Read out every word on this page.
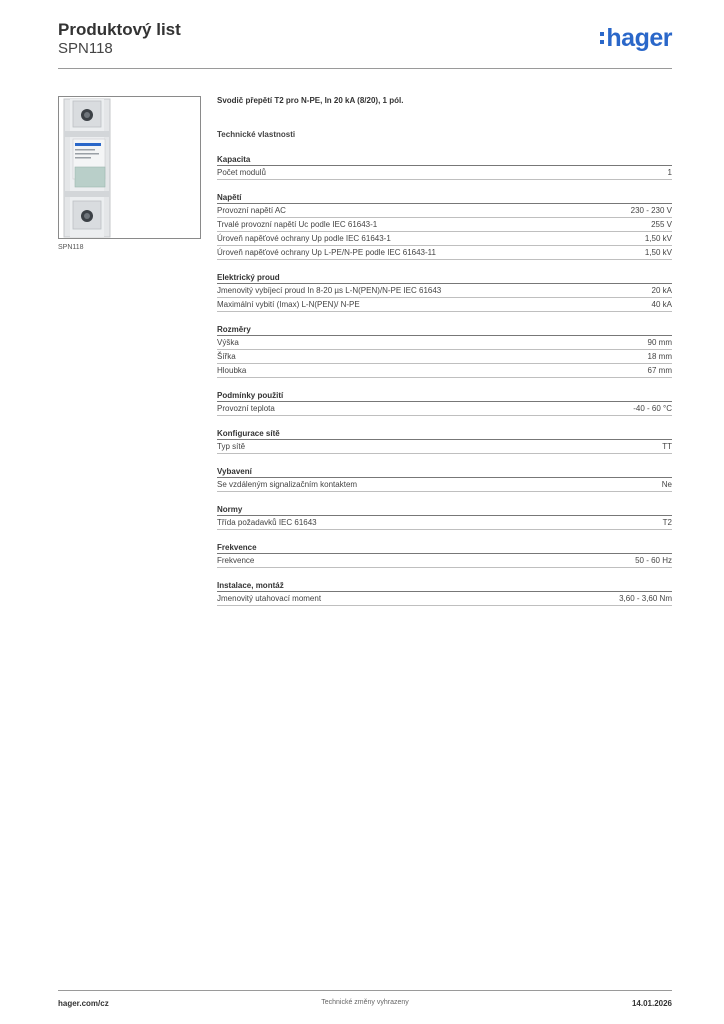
Produktový list
SPN118	hager
SPN118
Svodič přepětí T2 pro N-PE, In 20 kA (8/20), 1 pól.
Technické vlastnosti
Kapacita
Počet modulů	1
Napětí
Provozní napětí AC	230 - 230 V
Trvalé provozní napětí Uc podle IEC 61643-1	255 V
Úroveň napěťové ochrany Up podle IEC 61643-1	1,50 kV
Úroveň napěťové ochrany Up L-PE/N-PE podle IEC 61643-11	1,50 kV
Elektrický proud
Jmenovitý vybíjecí proud In 8-20 µs L-N(PEN)/N-PE IEC 61643	20 kA
Maximální vybití (Imax) L-N(PEN)/ N-PE	40 kA
Rozměry
Výška	90 mm
Šířka	18 mm
Hloubka	67 mm
Podmínky použití
Provozní teplota	-40 - 60 °C
Konfigurace sítě
Typ sítě	TT
Vybavení
Se vzdáleným signalizačním kontaktem	Ne
Normy
Třída požadavků IEC 61643	T2
Frekvence
Frekvence	50 - 60 Hz
Instalace, montáž
Jmenovitý utahovací moment	3,60 - 3,60 Nm
hager.com/cz	Technické změny vyhrazeny	14.01.2026
